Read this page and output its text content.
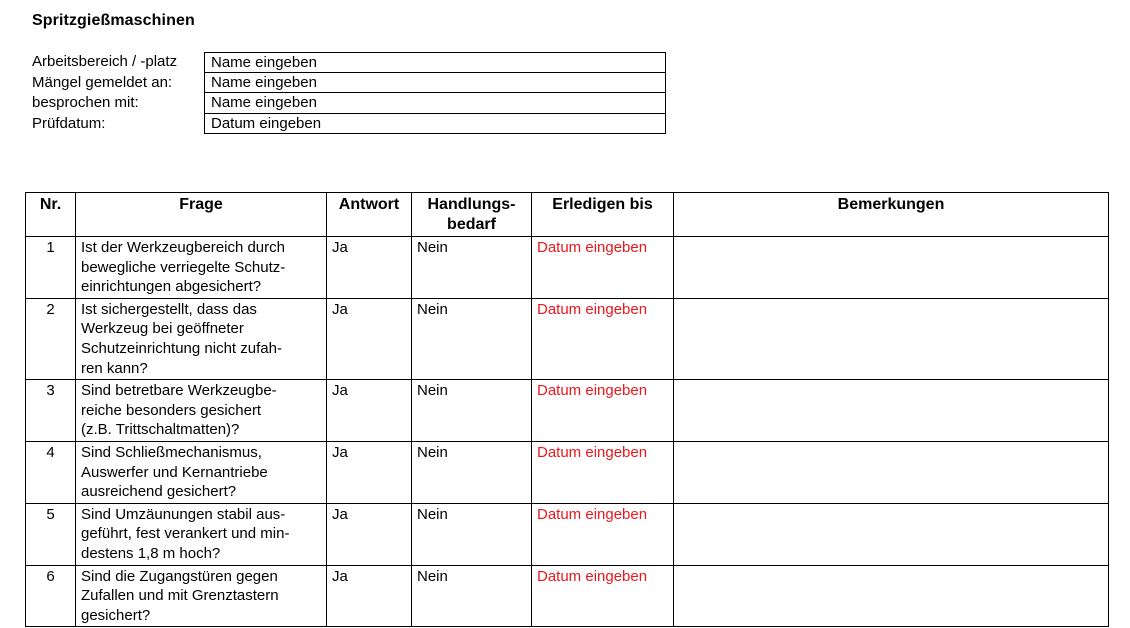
Spritzgießmaschinen
Arbeitsbereich / -platz	Name eingeben
Mängel gemeldet an:	Name eingeben
besprochen mit:	Name eingeben
Prüfdatum:	Datum eingeben
Nr.	Frage	Antwort	Handlungs-
bedarf	Erledigen bis	Bemerkungen
1	Ist der Werkzeugbereich durch
bewegliche verriegelte Schutz-
einrichtungen abgesichert?	Ja	Nein	Datum eingeben	
2	Ist sichergestellt, dass das
Werkzeug bei geöffneter
Schutzeinrichtung nicht zufah-
ren kann?	Ja	Nein	Datum eingeben	
3	Sind betretbare Werkzeugbe-
reiche besonders gesichert
(z.B. Trittschaltmatten)?	Ja	Nein	Datum eingeben	
4	Sind Schließmechanismus,
Auswerfer und Kernantriebe
ausreichend gesichert?	Ja	Nein	Datum eingeben	
5	Sind Umzäunungen stabil aus-
geführt, fest verankert und min-
destens 1,8 m hoch?	Ja	Nein	Datum eingeben	
6	Sind die Zugangstüren gegen
Zufallen und mit Grenztastern
gesichert?	Ja	Nein	Datum eingeben	
